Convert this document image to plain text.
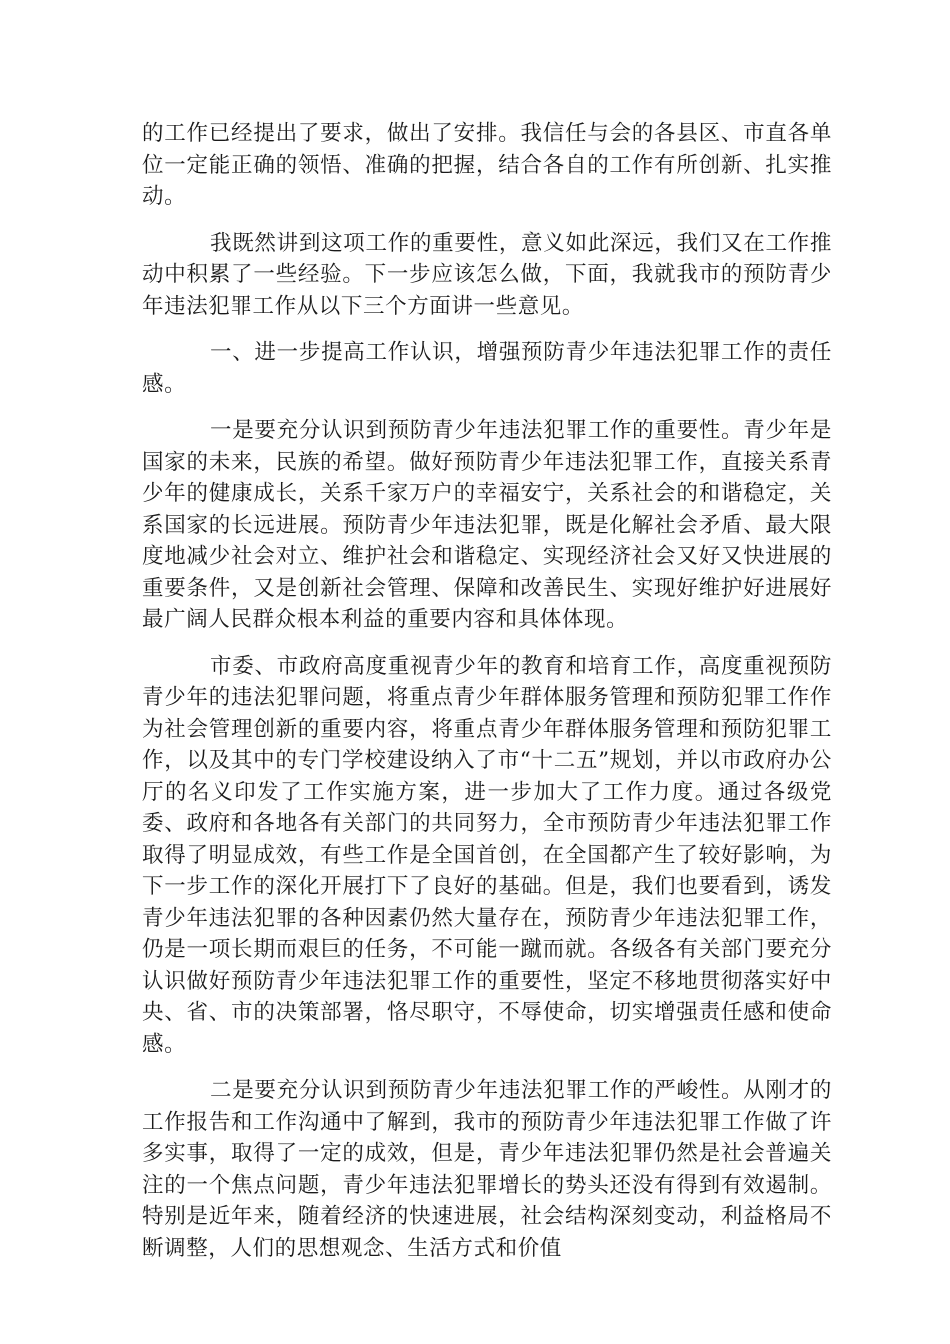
的工作已经提出了要求，做出了安排。我信任与会的各县区、市直各单位一定能正确的领悟、准确的把握，结合各自的工作有所创新、扎实推动。

我既然讲到这项工作的重要性，意义如此深远，我们又在工作推动中积累了一些经验。下一步应该怎么做，下面，我就我市的预防青少年违法犯罪工作从以下三个方面讲一些意见。

一、进一步提高工作认识，增强预防青少年违法犯罪工作的责任感。

一是要充分认识到预防青少年违法犯罪工作的重要性。青少年是国家的未来，民族的希望。做好预防青少年违法犯罪工作，直接关系青少年的健康成长，关系千家万户的幸福安宁，关系社会的和谐稳定，关系国家的长远进展。预防青少年违法犯罪，既是化解社会矛盾、最大限度地减少社会对立、维护社会和谐稳定、实现经济社会又好又快进展的重要条件，又是创新社会管理、保障和改善民生、实现好维护好进展好最广阔人民群众根本利益的重要内容和具体体现。

市委、市政府高度重视青少年的教育和培育工作，高度重视预防青少年的违法犯罪问题，将重点青少年群体服务管理和预防犯罪工作作为社会管理创新的重要内容，将重点青少年群体服务管理和预防犯罪工作，以及其中的专门学校建设纳入了市“十二五”规划，并以市政府办公厅的名义印发了工作实施方案，进一步加大了工作力度。通过各级党委、政府和各地各有关部门的共同努力，全市预防青少年违法犯罪工作取得了明显成效，有些工作是全国首创，在全国都产生了较好影响，为下一步工作的深化开展打下了良好的基础。但是，我们也要看到，诱发青少年违法犯罪的各种因素仍然大量存在，预防青少年违法犯罪工作，仍是一项长期而艰巨的任务，不可能一蹴而就。各级各有关部门要充分认识做好预防青少年违法犯罪工作的重要性，坚定不移地贯彻落实好中央、省、市的决策部署，恪尽职守，不辱使命，切实增强责任感和使命感。

二是要充分认识到预防青少年违法犯罪工作的严峻性。从刚才的工作报告和工作沟通中了解到，我市的预防青少年违法犯罪工作做了许多实事，取得了一定的成效，但是，青少年违法犯罪仍然是社会普遍关注的一个焦点问题，青少年违法犯罪增长的势头还没有得到有效遏制。特别是近年来，随着经济的快速进展，社会结构深刻变动，利益格局不断调整，人们的思想观念、生活方式和价值
